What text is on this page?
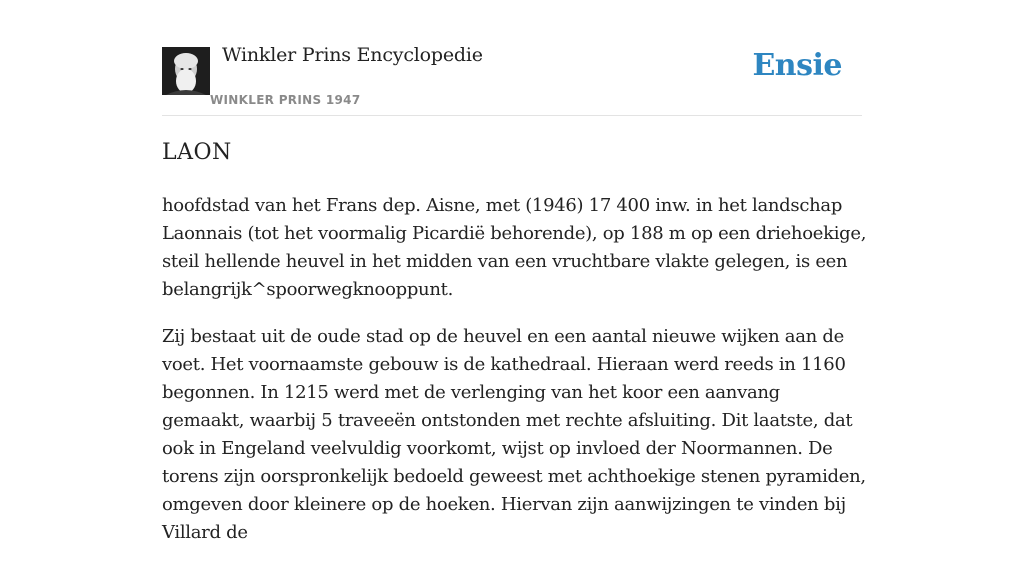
Winkler Prins Encyclopedie
WINKLER PRINS 1947
Ensie
LAON

hoofdstad van het Frans dep. Aisne, met (1946) 17 400 inw. in het landschap Laonnais (tot het voormalig Picardië behorende), op 188 m op een driehoekige, steil hellende heuvel in het midden van een vruchtbare vlakte gelegen, is een belangrijk^spoorwegknooppunt.

Zij bestaat uit de oude stad op de heuvel en een aantal nieuwe wijken aan de voet. Het voornaamste gebouw is de kathedraal. Hieraan werd reeds in 1160 begonnen. In 1215 werd met de verlenging van het koor een aanvang gemaakt, waarbij 5 traveeën ontstonden met rechte afsluiting. Dit laatste, dat ook in Engeland veelvuldig voorkomt, wijst op invloed der Noormannen. De torens zijn oorspronkelijk bedoeld geweest met achthoekige stenen pyramiden, omgeven door kleinere op de hoeken. Hiervan zijn aanwijzingen te vinden bij Villard de
